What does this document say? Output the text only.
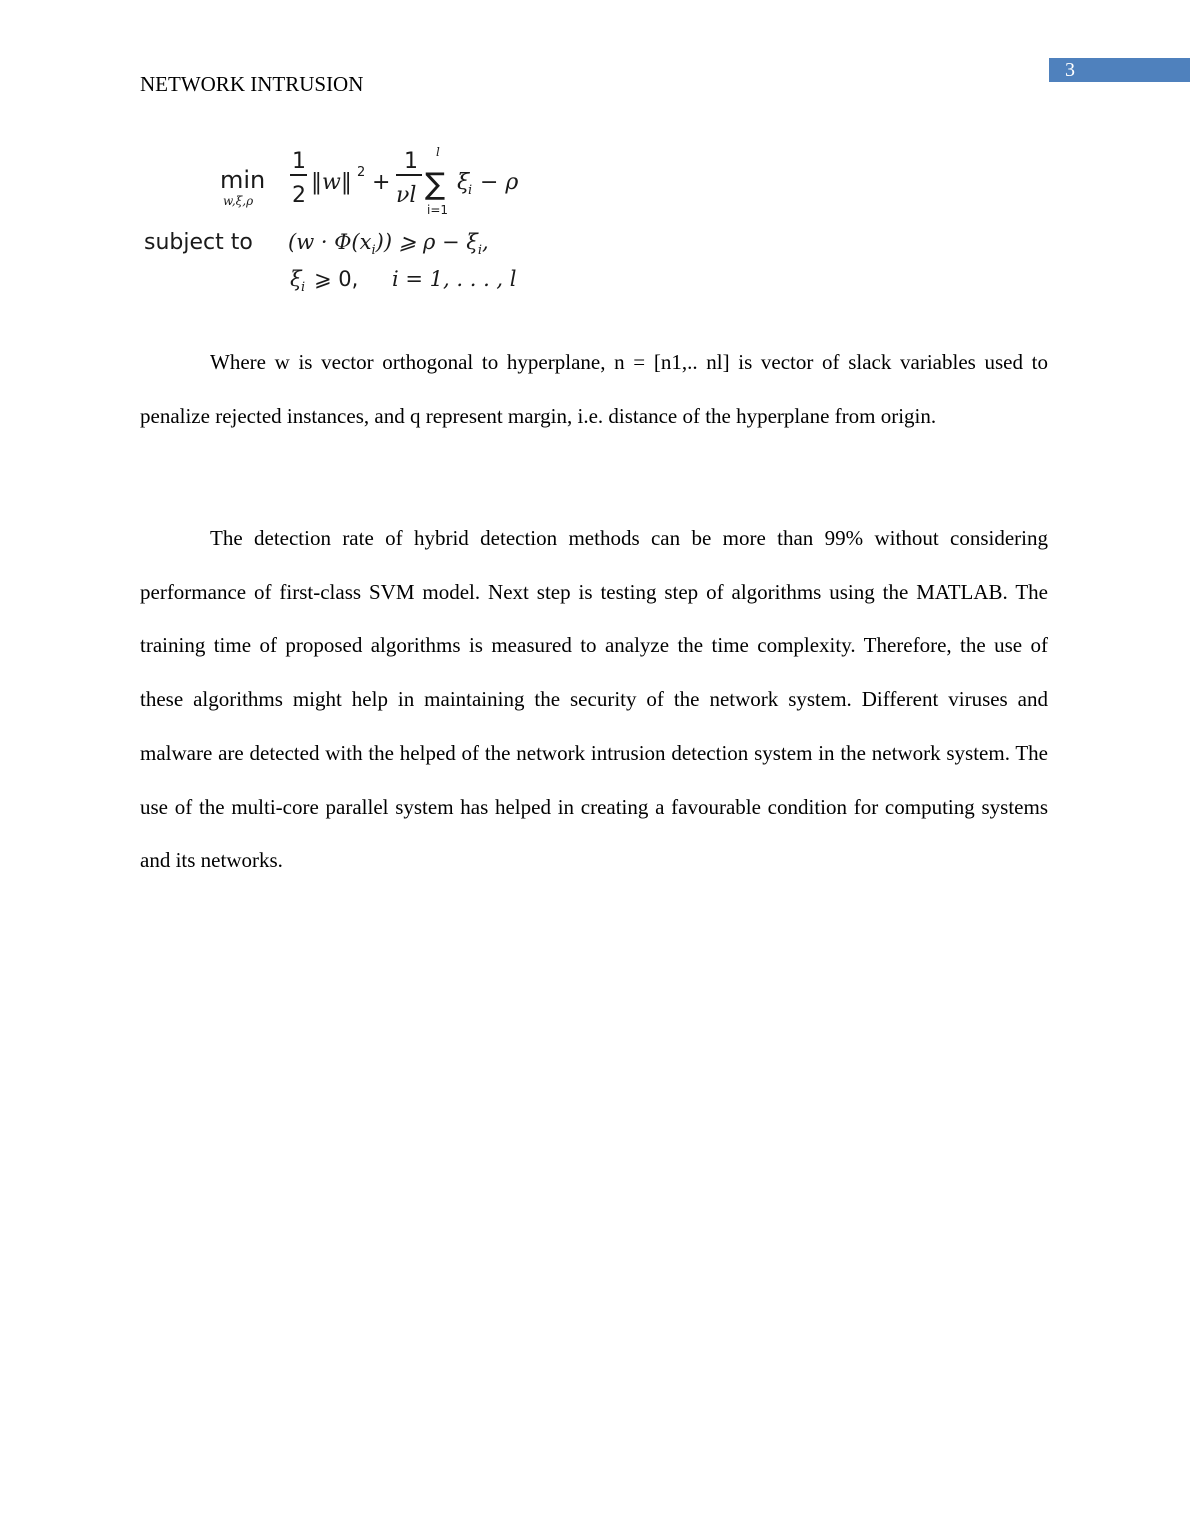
3
NETWORK INTRUSION
min
w,ξ,ρ
1
2
‖w‖ 2 +
1
νl
l
∑
i=1
ξ
i − ρ
subject to $(w \cdot \Phi(x_i))$ ⩾ $\rho - \xi_i$,
ξ i ⩾ 0, i = 1, . . . , l

Where w is vector orthogonal to hyperplane, n = [n1,.. nl] is vector of slack variables used to penalize rejected instances, and q represent margin, i.e. distance of the hyperplane from origin.

The detection rate of hybrid detection methods can be more than 99% without considering performance of first-class SVM model. Next step is testing step of algorithms using the MATLAB. The training time of proposed algorithms is measured to analyze the time complexity. Therefore, the use of these algorithms might help in maintaining the security of the network system. Different viruses and malware are detected with the helped of the network intrusion detection system in the network system. The use of the multi-core parallel system has helped in creating a favourable condition for computing systems and its networks.
